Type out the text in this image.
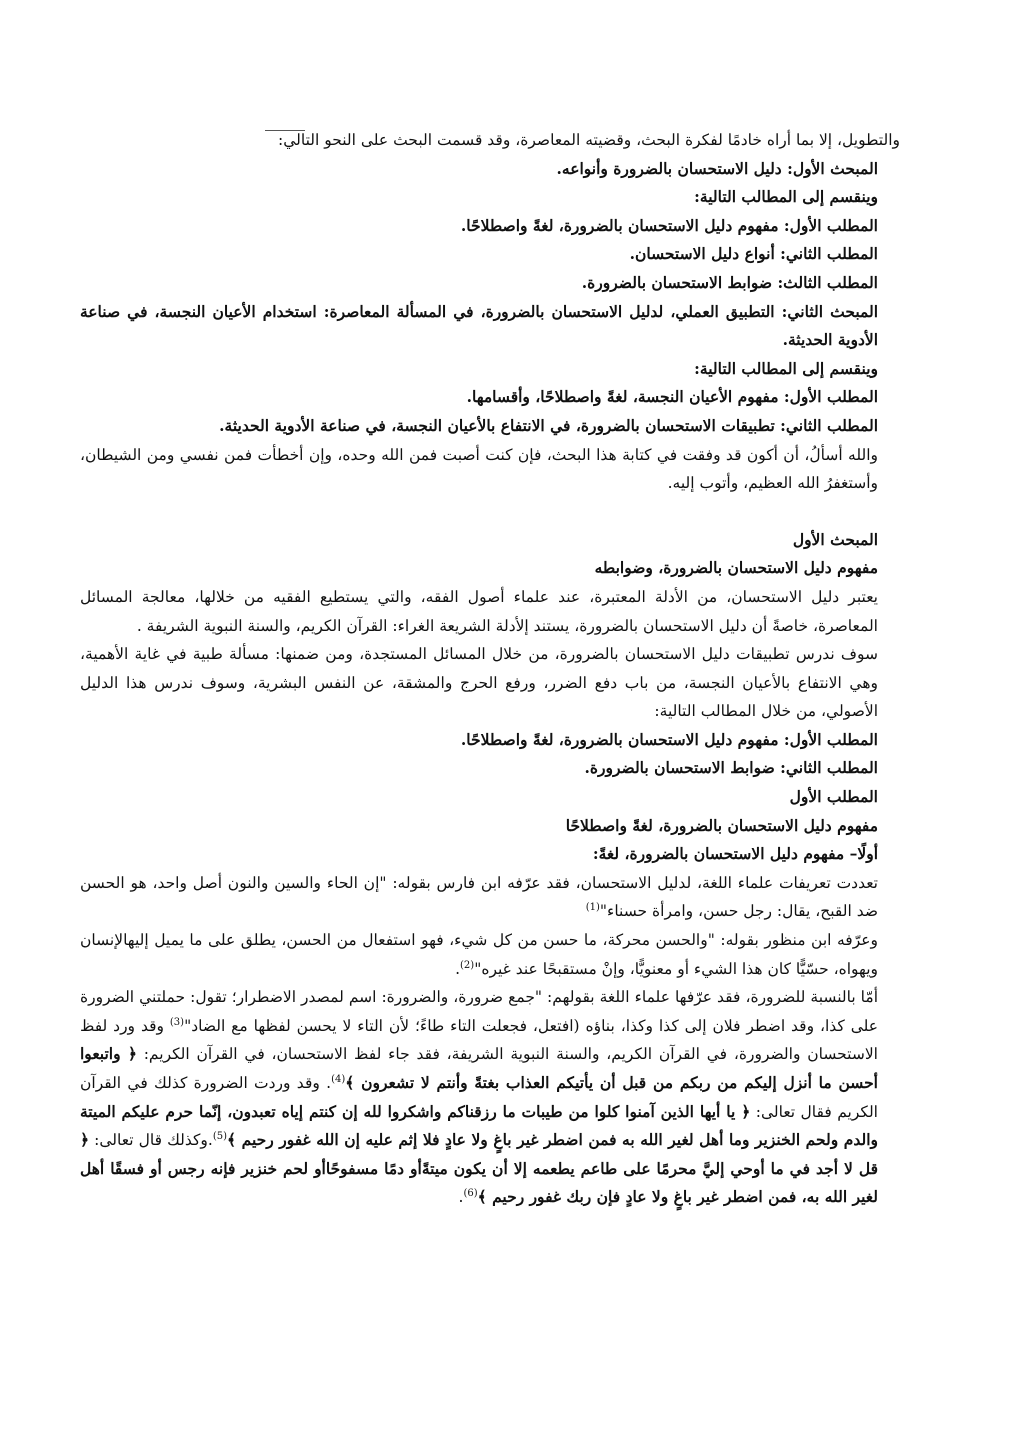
والتطويل، إلا بما أراه خادمًا لفكرة البحث، وقضيته المعاصرة، وقد قسمت البحث على النحو التالي:

المبحث الأول: دليل الاستحسان بالضرورة وأنواعه.

وينقسم إلى المطالب التالية:

المطلب الأول: مفهوم دليل الاستحسان بالضرورة، لغةً واصطلاحًا.

المطلب الثاني: أنواع دليل الاستحسان.

المطلب الثالث: ضوابط الاستحسان بالضرورة.

المبحث الثاني: التطبيق العملي، لدليل الاستحسان بالضرورة، في المسألة المعاصرة: استخدام الأعيان النجسة، في صناعة الأدوية الحديثة.

وينقسم إلى المطالب التالية:

المطلب الأول: مفهوم الأعيان النجسة، لغةً واصطلاحًا، وأقسامها.

المطلب الثاني: تطبيقات الاستحسان بالضرورة، في الانتفاع بالأعيان النجسة، في صناعة الأدوية الحديثة.

والله أسألُ، أن أكون قد وفقت في كتابة هذا البحث، فإن كنت أصبت فمن الله وحده، وإن أخطأت فمن نفسي ومن الشيطان، وأستغفرُ الله العظيم، وأتوب إليه.

المبحث الأول

مفهوم دليل الاستحسان بالضرورة، وضوابطه

يعتبر دليل الاستحسان، من الأدلة المعتبرة، عند علماء أصول الفقه، والتي يستطيع الفقيه من خلالها، معالجة المسائل المعاصرة، خاصةً أن دليل الاستحسان بالضرورة، يستند إلأدلة الشريعة الغراء: القرآن الكريم، والسنة النبوية الشريفة .

سوف ندرس تطبيقات دليل الاستحسان بالضرورة، من خلال المسائل المستجدة، ومن ضمنها: مسألة طبية في غاية الأهمية، وهي الانتفاع بالأعيان النجسة، من باب دفع الضرر، ورفع الحرج والمشقة، عن النفس البشرية، وسوف ندرس هذا الدليل الأصولي، من خلال المطالب التالية:

المطلب الأول: مفهوم دليل الاستحسان بالضرورة، لغةً واصطلاحًا.

المطلب الثاني: ضوابط الاستحسان بالضرورة.

المطلب الأول

مفهوم دليل الاستحسان بالضرورة، لغةً واصطلاحًا

أولًا– مفهوم دليل الاستحسان بالضرورة، لغةً:

تعددت تعريفات علماء اللغة، لدليل الاستحسان، فقد عرّفه ابن فارس بقوله: "إن الحاء والسين والنون أصل واحد، هو الحسن ضد القبح، يقال: رجل حسن، وامرأة حسناء"$^{(1)}$

وعرّفه ابن منظور بقوله: "والحسن محركة، ما حسن من كل شيء، فهو استفعال من الحسن، يطلق على ما يميل إليهالإنسان ويهواه، حسّيًّا كان هذا الشيء أو معنويًّا، وإنْ مستقبحًا عند غيره"$^{(2)}$.

أمّا بالنسبة للضرورة، فقد عرّفها علماء اللغة بقولهم: "جمع ضرورة، والضرورة: اسم لمصدر الاضطرار؛ تقول: حملتني الضرورة على كذا، وقد اضطر فلان إلى كذا وكذا، بناؤه (افتعل، فجعلت التاء طاءً؛ لأن التاء لا يحسن لفظها مع الضاد"$^{(3)}$ وقد ورد لفظ الاستحسان والضرورة، في القرآن الكريم، والسنة النبوية الشريفة، فقد جاء لفظ الاستحسان، في القرآن الكريم: ﴿ واتبعوا أحسن ما أنزل إليكم من ربكم من قبل أن يأتيكم العذاب بغتةً وأنتم لا تشعرون ﴾$^{(4)}$. وقد وردت الضرورة كذلك في القرآن الكريم فقال تعالى: ﴿ يا أيها الذين آمنوا كلوا من طيبات ما رزقناكم واشكروا لله إن كنتم إياه تعبدون، إنّما حرم عليكم الميتة والدم ولحم الخنزير وما أهل لغير الله به فمن اضطر غير باغٍ ولا عادٍ فلا إثم عليه إن الله غفور رحيم ﴾$^{(5)}$.وكذلك قال تعالى: ﴿ قل لا أجد في ما أوحي إليَّ محرمًا على طاعم يطعمه إلا أن يكون ميتةًأو دمًا مسفوحًاأو لحم خنزير فإنه رجس أو فسقًا أهل لغير الله به، فمن اضطر غير باغٍ ولا عادٍ فإن ربك غفور رحيم ﴾$^{(6)}$.
